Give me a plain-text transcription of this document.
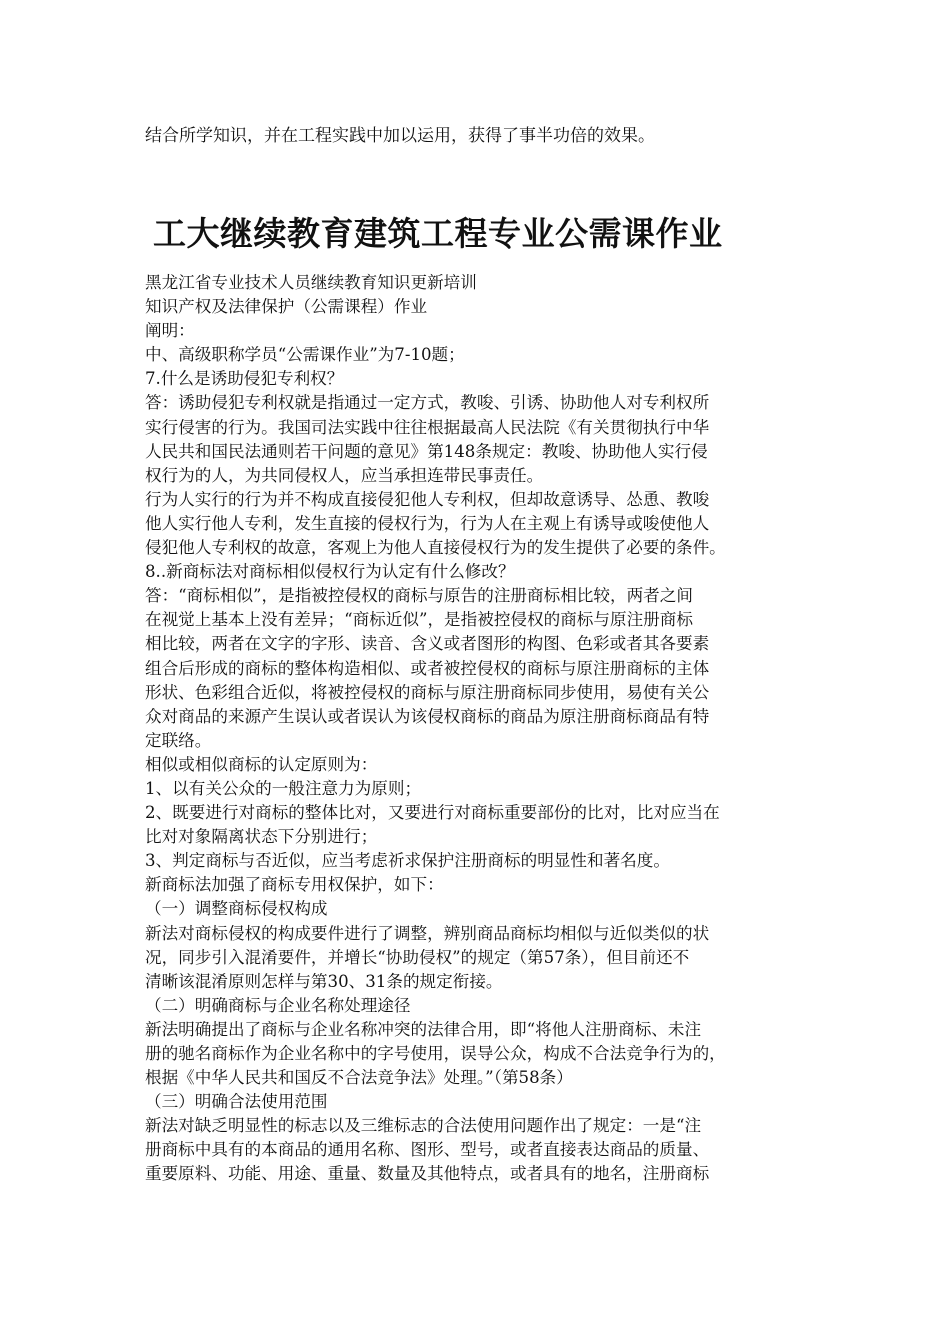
结合所学知识，并在工程实践中加以运用，获得了事半功倍的效果。
工大继续教育建筑工程专业公需课作业
黑龙江省专业技术人员继续教育知识更新培训
知识产权及法律保护（公需课程）作业
阐明：
中、高级职称学员“公需课作业”为7-10题；
7.什么是诱助侵犯专利权？
答：诱助侵犯专利权就是指通过一定方式，教唆、引诱、协助他人对专利权所
实行侵害的行为。我国司法实践中往往根据最高人民法院《有关贯彻执行中华
人民共和国民法通则若干问题的意见》第148条规定：教唆、协助他人实行侵
权行为的人，为共同侵权人，应当承担连带民事责任。
行为人实行的行为并不构成直接侵犯他人专利权，但却故意诱导、怂恿、教唆
他人实行他人专利，发生直接的侵权行为，行为人在主观上有诱导或唆使他人
侵犯他人专利权的故意，客观上为他人直接侵权行为的发生提供了必要的条件。
8..新商标法对商标相似侵权行为认定有什么修改？
答：“商标相似”，是指被控侵权的商标与原告的注册商标相比较，两者之间
在视觉上基本上没有差异；“商标近似”，是指被控侵权的商标与原注册商标
相比较，两者在文字的字形、读音、含义或者图形的构图、色彩或者其各要素
组合后形成的商标的整体构造相似、或者被控侵权的商标与原注册商标的主体
形状、色彩组合近似，将被控侵权的商标与原注册商标同步使用，易使有关公
众对商品的来源产生误认或者误认为该侵权商标的商品为原注册商标商品有特
定联络。
相似或相似商标的认定原则为：
1、以有关公众的一般注意力为原则；
2、既要进行对商标的整体比对，又要进行对商标重要部份的比对，比对应当在
比对对象隔离状态下分别进行；
3、判定商标与否近似，应当考虑祈求保护注册商标的明显性和著名度。
新商标法加强了商标专用权保护，如下：
（一）调整商标侵权构成
新法对商标侵权的构成要件进行了调整，辨别商品商标均相似与近似类似的状
况，同步引入混淆要件，并增长“协助侵权”的规定（第57条），但目前还不
清晰该混淆原则怎样与第30、31条的规定衔接。
（二）明确商标与企业名称处理途径
新法明确提出了商标与企业名称冲突的法律合用，即“将他人注册商标、未注
册的驰名商标作为企业名称中的字号使用，误导公众，构成不合法竞争行为的，
根据《中华人民共和国反不合法竞争法》处理。”（第58条）
（三）明确合法使用范围
新法对缺乏明显性的标志以及三维标志的合法使用问题作出了规定：一是“注
册商标中具有的本商品的通用名称、图形、型号，或者直接表达商品的质量、
重要原料、功能、用途、重量、数量及其他特点，或者具有的地名，注册商标
